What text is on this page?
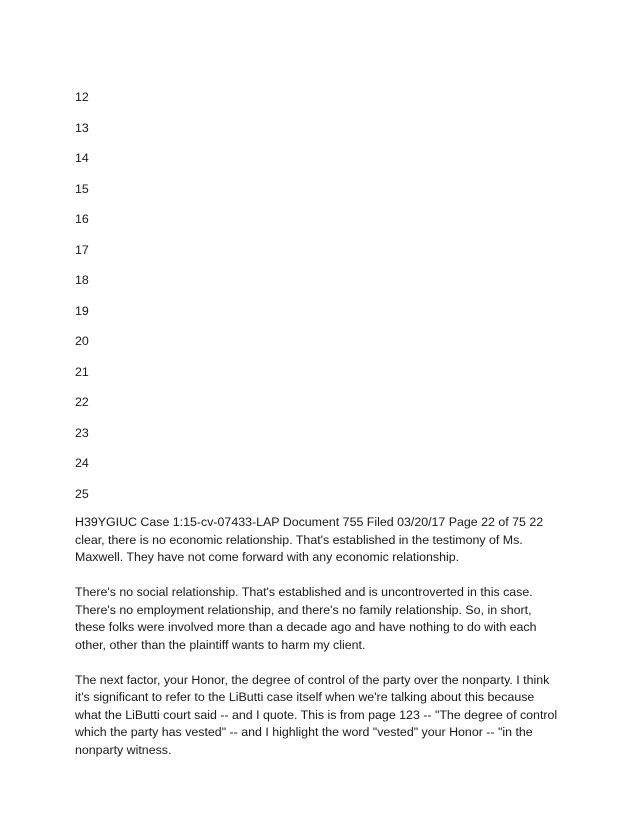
12
13
14
15
16
17
18
19
20
21
22
23
24
25

H39YGIUC Case 1:15-cv-07433-LAP Document 755 Filed 03/20/17 Page 22 of 75 22 clear, there is no economic relationship. That's established in the testimony of Ms. Maxwell. They have not come forward with any economic relationship.

There's no social relationship. That's established and is uncontroverted in this case. There's no employment relationship, and there's no family relationship. So, in short, these folks were involved more than a decade ago and have nothing to do with each other, other than the plaintiff wants to harm my client.

The next factor, your Honor, the degree of control of the party over the nonparty. I think it's significant to refer to the LiButti case itself when we're talking about this because what the LiButti court said -- and I quote. This is from page 123 -- "The degree of control which the party has vested" -- and I highlight the word "vested" your Honor -- "in the nonparty witness.
